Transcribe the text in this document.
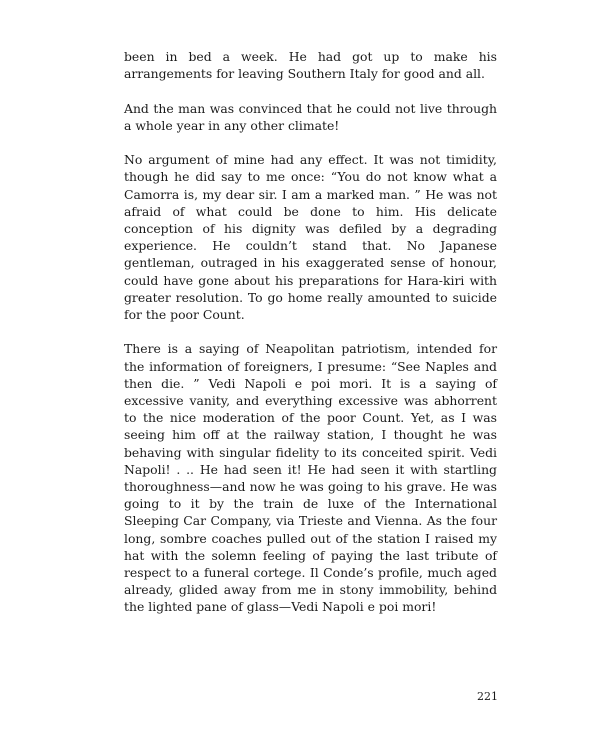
been in bed a week. He had got up to make his arrangements for leaving Southern Italy for good and all.

And the man was convinced that he could not live through a whole year in any other climate!

No argument of mine had any effect. It was not timidity, though he did say to me once: “You do not know what a Camorra is, my dear sir. I am a marked man. ” He was not afraid of what could be done to him. His delicate conception of his dignity was defiled by a degrading experience. He couldn’t stand that. No Japanese gentleman, outraged in his exaggerated sense of honour, could have gone about his preparations for Hara-kiri with greater resolution. To go home really amounted to suicide for the poor Count.

There is a saying of Neapolitan patriotism, intended for the information of foreigners, I presume: “See Naples and then die. ” Vedi Napoli e poi mori. It is a saying of excessive vanity, and everything excessive was abhorrent to the nice moderation of the poor Count. Yet, as I was seeing him off at the railway station, I thought he was behaving with singular fidelity to its conceited spirit. Vedi Napoli! . .. He had seen it! He had seen it with startling thoroughness—and now he was going to his grave. He was going to it by the train de luxe of the International Sleeping Car Company, via Trieste and Vienna. As the four long, sombre coaches pulled out of the station I raised my hat with the solemn feeling of paying the last tribute of respect to a funeral cortege. Il Conde’s profile, much aged already, glided away from me in stony immobility, behind the lighted pane of glass—Vedi Napoli e poi mori!

221
